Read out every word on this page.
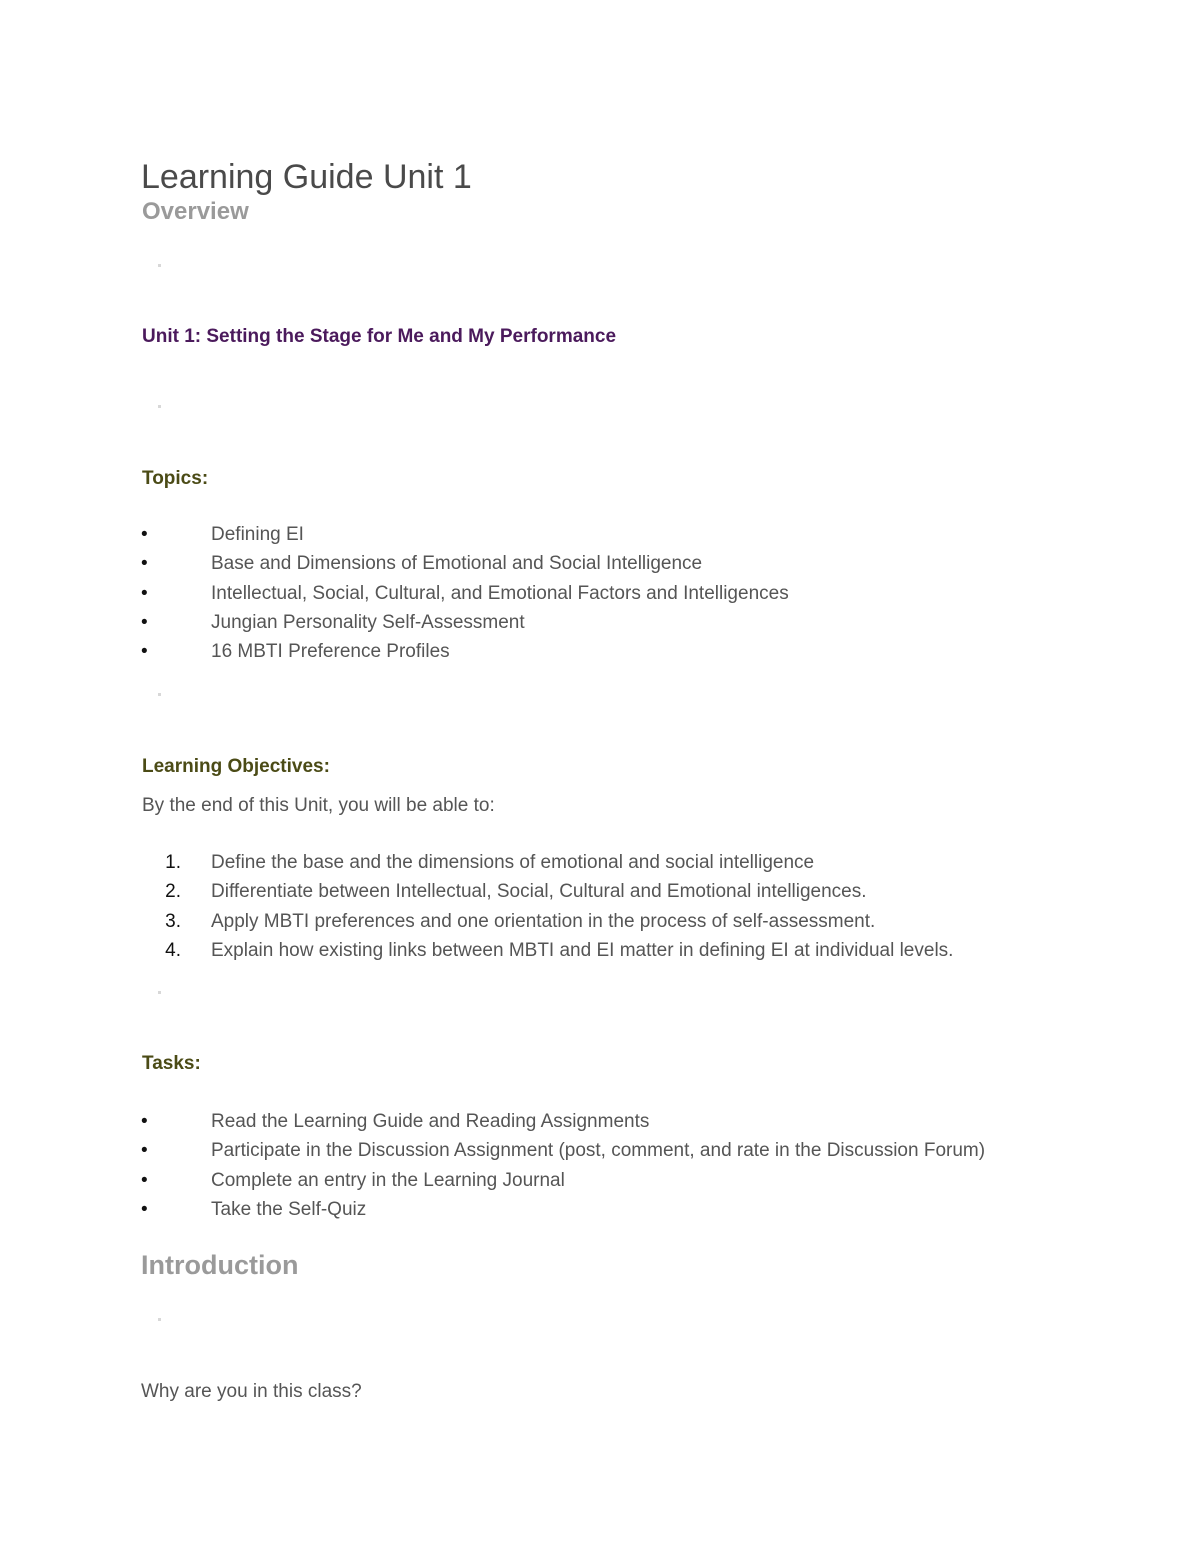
Learning Guide Unit 1
Overview
Unit 1: Setting the Stage for Me and My Performance
Topics:
•	Defining EI
•	Base and Dimensions of Emotional and Social Intelligence
•	Intellectual, Social, Cultural, and Emotional Factors and Intelligences
•	Jungian Personality Self-Assessment
•	16 MBTI Preference Profiles
Learning Objectives:
By the end of this Unit, you will be able to:
1. Define the base and the dimensions of emotional and social intelligence
2. Differentiate between Intellectual, Social, Cultural and Emotional intelligences.
3. Apply MBTI preferences and one orientation in the process of self-assessment.
4. Explain how existing links between MBTI and EI matter in defining EI at individual levels.
Tasks:
•	Read the Learning Guide and Reading Assignments
•	Participate in the Discussion Assignment (post, comment, and rate in the Discussion Forum)
•	Complete an entry in the Learning Journal
•	Take the Self-Quiz
Introduction
Why are you in this class?
